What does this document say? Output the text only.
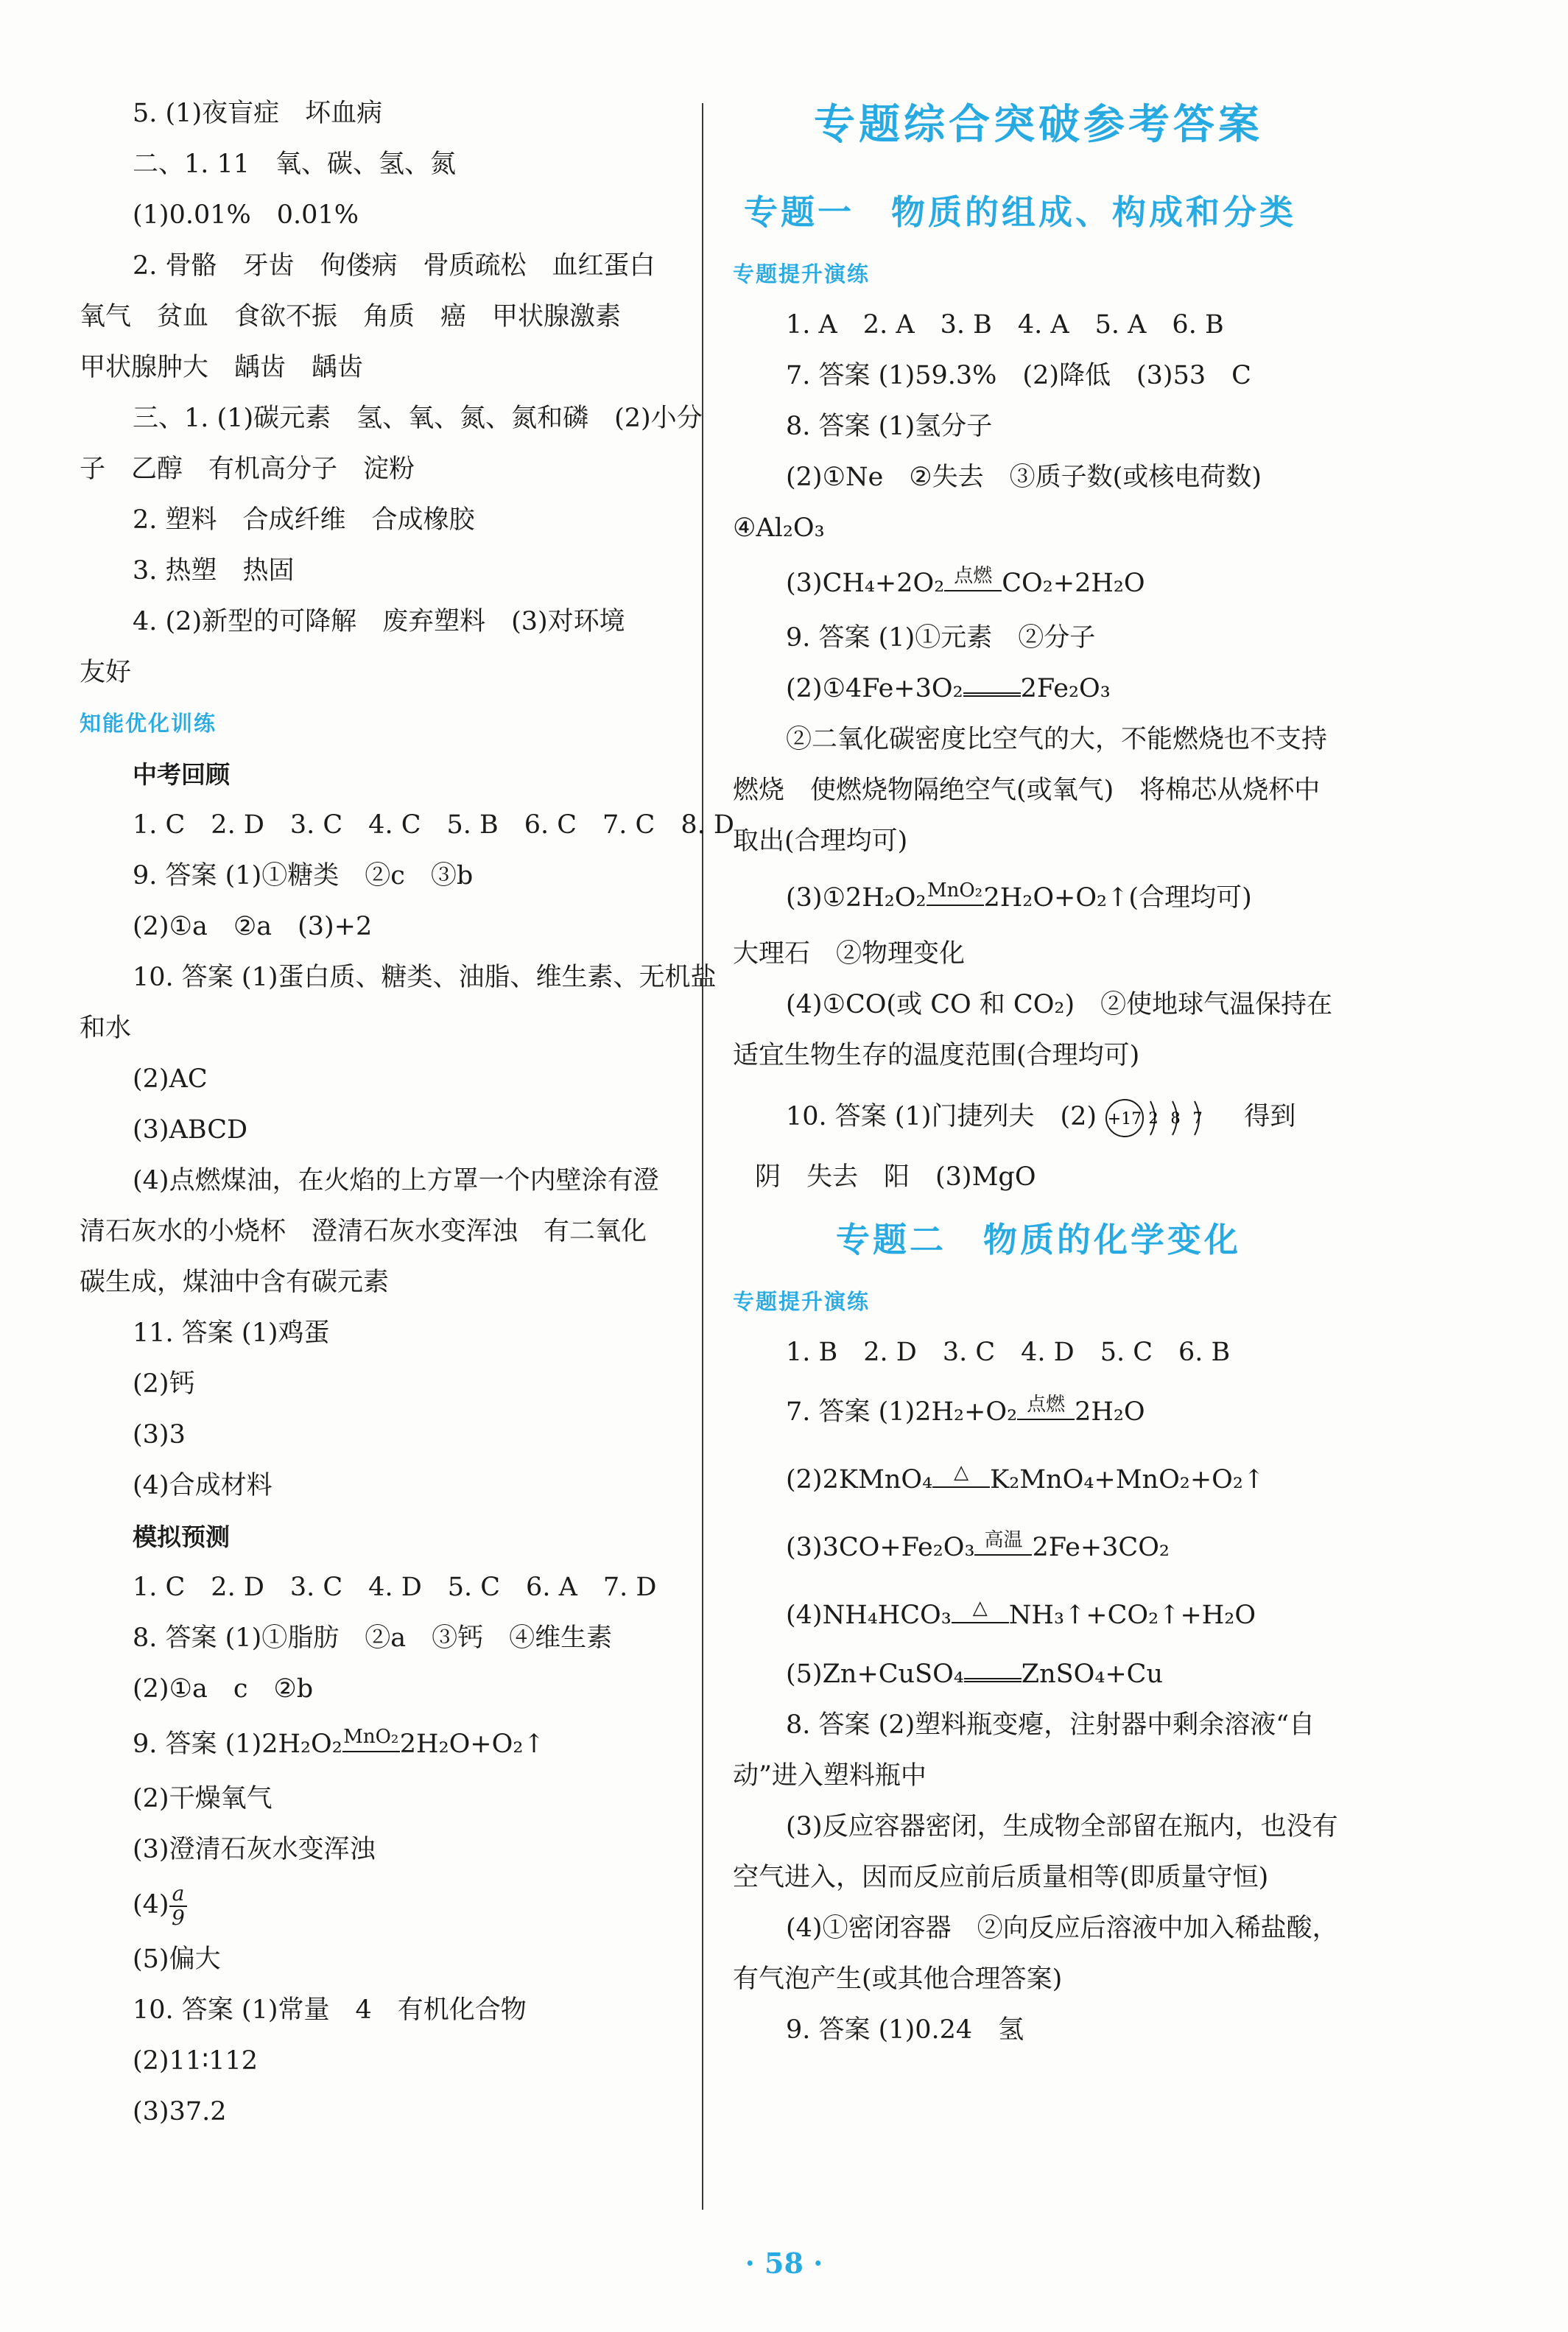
5. (1)夜盲症　坏血病
二、1. 11　氧、碳、氢、氮
(1)0.01%　0.01%
2. 骨骼　牙齿　佝偻病　骨质疏松　血红蛋白
氧气　贫血　食欲不振　角质　癌　甲状腺激素
甲状腺肿大　龋齿　龋齿
三、1. (1)碳元素　氢、氧、氮、氮和磷　(2)小分
子　乙醇　有机高分子　淀粉
2. 塑料　合成纤维　合成橡胶
3. 热塑　热固
4. (2)新型的可降解　废弃塑料　(3)对环境
友好
知能优化训练
中考回顾
1. C　2. D　3. C　4. C　5. B　6. C　7. C　8. D
9. 答案 (1)①糖类　②c　③b
(2)①a　②a　(3)+2
10. 答案 (1)蛋白质、糖类、油脂、维生素、无机盐
和水
(2)AC
(3)ABCD
(4)点燃煤油，在火焰的上方罩一个内壁涂有澄
清石灰水的小烧杯　澄清石灰水变浑浊　有二氧化
碳生成，煤油中含有碳元素
11. 答案 (1)鸡蛋
(2)钙
(3)3
(4)合成材料
模拟预测
1. C　2. D　3. C　4. D　5. C　6. A　7. D
8. 答案 (1)①脂肪　②a　③钙　④维生素
(2)①a　c　②b
9. 答案 (1)2H₂O₂ MnO₂ 2H₂O+O₂↑
(2)干燥氧气
(3)澄清石灰水变浑浊
$(4) \frac{a}{9}$
(5)偏大
10. 答案 (1)常量　4　有机化合物
(2)11∶112
(3)37.2
专题综合突破参考答案
专题一　物质的组成、构成和分类
专题提升演练
1. A　2. A　3. B　4. A　5. A　6. B
7. 答案 (1)59.3%　(2)降低　(3)53　C
8. 答案 (1)氢分子
(2)①Ne　②失去　③质子数(或核电荷数)
④Al₂O₃
(3)CH₄+2O₂ 点燃 CO₂+2H₂O
9. 答案 (1)①元素　②分子
(2)①4Fe+3O₂ 2Fe₂O₃
②二氧化碳密度比空气的大，不能燃烧也不支持
燃烧　使燃烧物隔绝空气(或氧气)　将棉芯从烧杯中
取出(合理均可)
(3)①2H₂O₂ MnO₂ 2H₂O+O₂↑(合理均可)
大理石　②物理变化
(4)①CO(或 CO 和 CO₂)　②使地球气温保持在
适宜生物生存的温度范围(合理均可)
10. 答案 (1)门捷列夫　(2) +17 2 8 7 得到
阴　失去　阳　(3)MgO
专题二　物质的化学变化
专题提升演练
1. B　2. D　3. C　4. D　5. C　6. B
7. 答案 (1)2H₂+O₂ 点燃 2H₂O
(2)2KMnO₄	△ K₂MnO₄+MnO₂+O₂↑
(3)3CO+Fe₂O₃ 高温 2Fe+3CO₂
(4)NH₄HCO₃	△ NH₃↑+CO₂↑+H₂O
(5)Zn+CuSO₄ ZnSO₄+Cu
8. 答案 (2)塑料瓶变瘪，注射器中剩余溶液“自
动”进入塑料瓶中
(3)反应容器密闭，生成物全部留在瓶内，也没有
空气进入，因而反应前后质量相等(即质量守恒)
(4)①密闭容器　②向反应后溶液中加入稀盐酸，
有气泡产生(或其他合理答案)
9. 答案 (1)0.24　氢
· 58 ·
